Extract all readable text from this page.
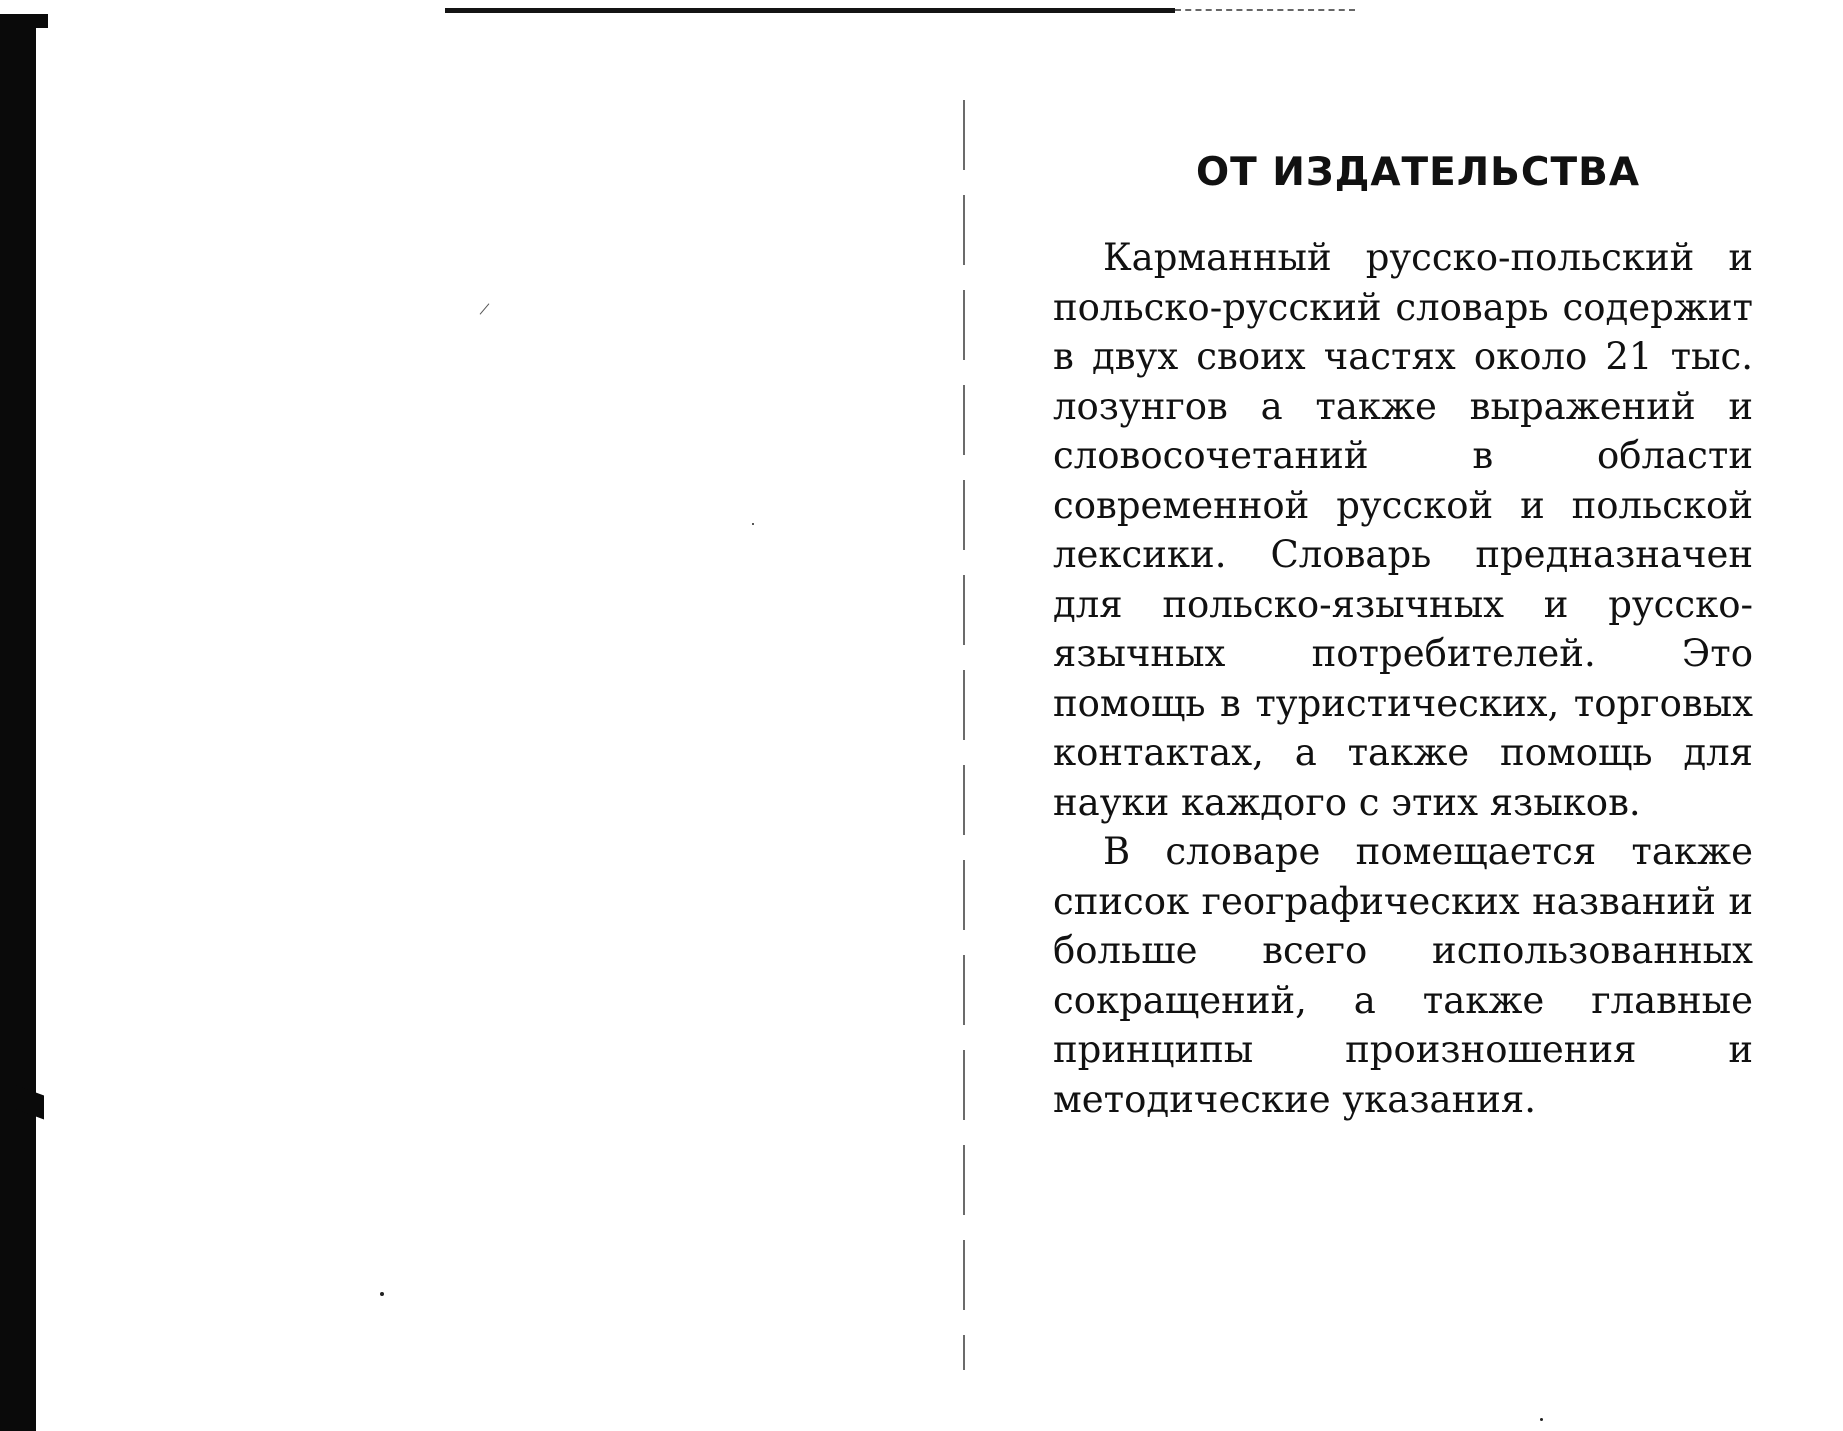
ОТ ИЗДАТЕЛЬСТВА

Карманный русско-польский и польско-русский словарь содержит в двух своих частях около 21 тыс. лозунгов а также выражений и словосочетаний в области современной русской и польской лексики. Словарь предназначен для польско-язычных и русско-язычных потребителей. Это помощь в туристических, торговых контактах, а также помощь для науки каждого с этих языков.

В словаре помещается также список географических названий и больше всего использованных сокращений, а также главные принципы произношения и методические указания.
